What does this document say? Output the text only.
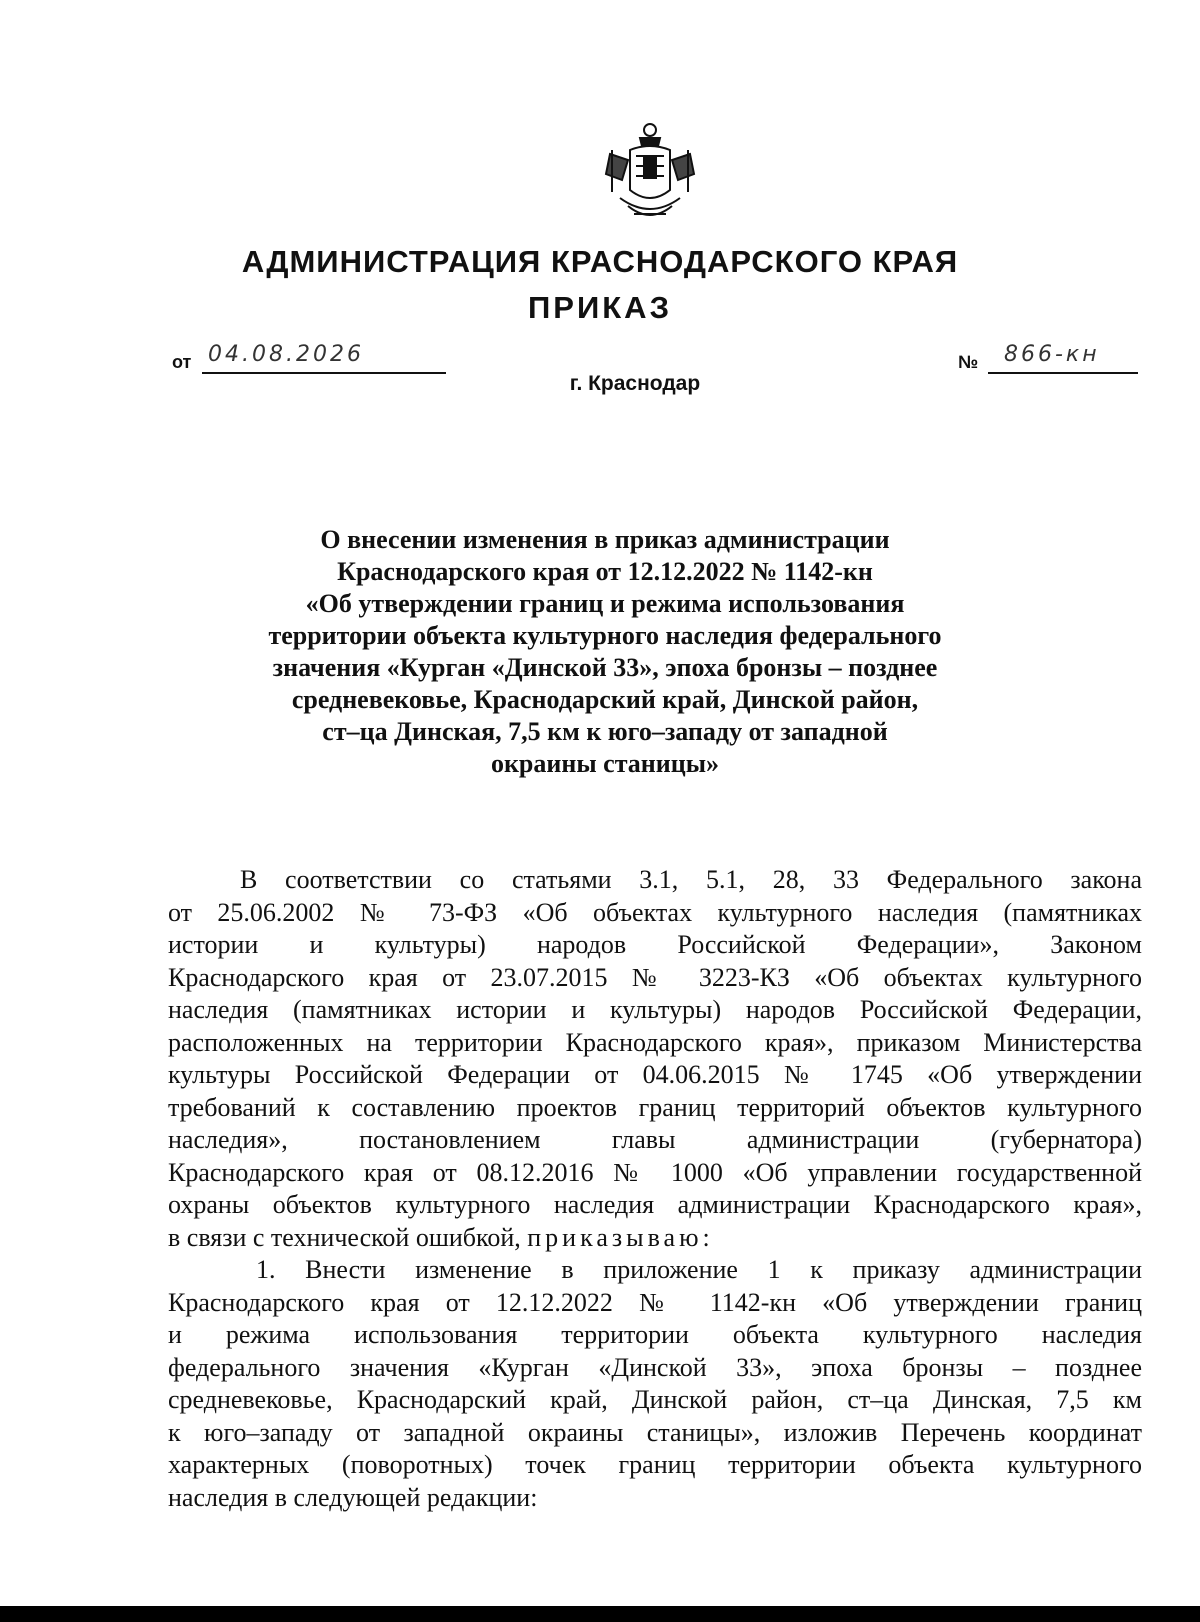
АДМИНИСТРАЦИЯ КРАСНОДАРСКОГО КРАЯ
ПРИКАЗ
от 04.08.2026	№ 866-кн
г. Краснодар
О внесении изменения в приказ администрации
Краснодарского края от 12.12.2022 № 1142-кн
«Об утверждении границ и режима использования
территории объекта культурного наследия федерального
значения «Курган «Динской 33», эпоха бронзы – позднее
средневековье, Краснодарский край, Динской район,
ст–ца Динская, 7,5 км к юго–западу от западной
окраины станицы»
В соответствии со статьями 3.1, 5.1, 28, 33 Федерального закона
от 25.06.2002 № 73-ФЗ «Об объектах культурного наследия (памятниках
истории и культуры) народов Российской Федерации», Законом
Краснодарского края от 23.07.2015 № 3223-КЗ «Об объектах культурного
наследия (памятниках истории и культуры) народов Российской Федерации,
расположенных на территории Краснодарского края», приказом Министерства
культуры Российской Федерации от 04.06.2015 № 1745 «Об утверждении
требований к составлению проектов границ территорий объектов культурного
наследия», постановлением главы администрации (губернатора)
Краснодарского края от 08.12.2016 № 1000 «Об управлении государственной
охраны объектов культурного наследия администрации Краснодарского края»,
в связи с технической ошибкой, приказываю:
1. Внести изменение в приложение 1 к приказу администрации
Краснодарского края от 12.12.2022 № 1142-кн «Об утверждении границ
и режима использования территории объекта культурного наследия
федерального значения «Курган «Динской 33», эпоха бронзы – позднее
средневековье, Краснодарский край, Динской район, ст–ца Динская, 7,5 км
к юго–западу от западной окраины станицы», изложив Перечень координат
характерных (поворотных) точек границ территории объекта культурного
наследия в следующей редакции:
